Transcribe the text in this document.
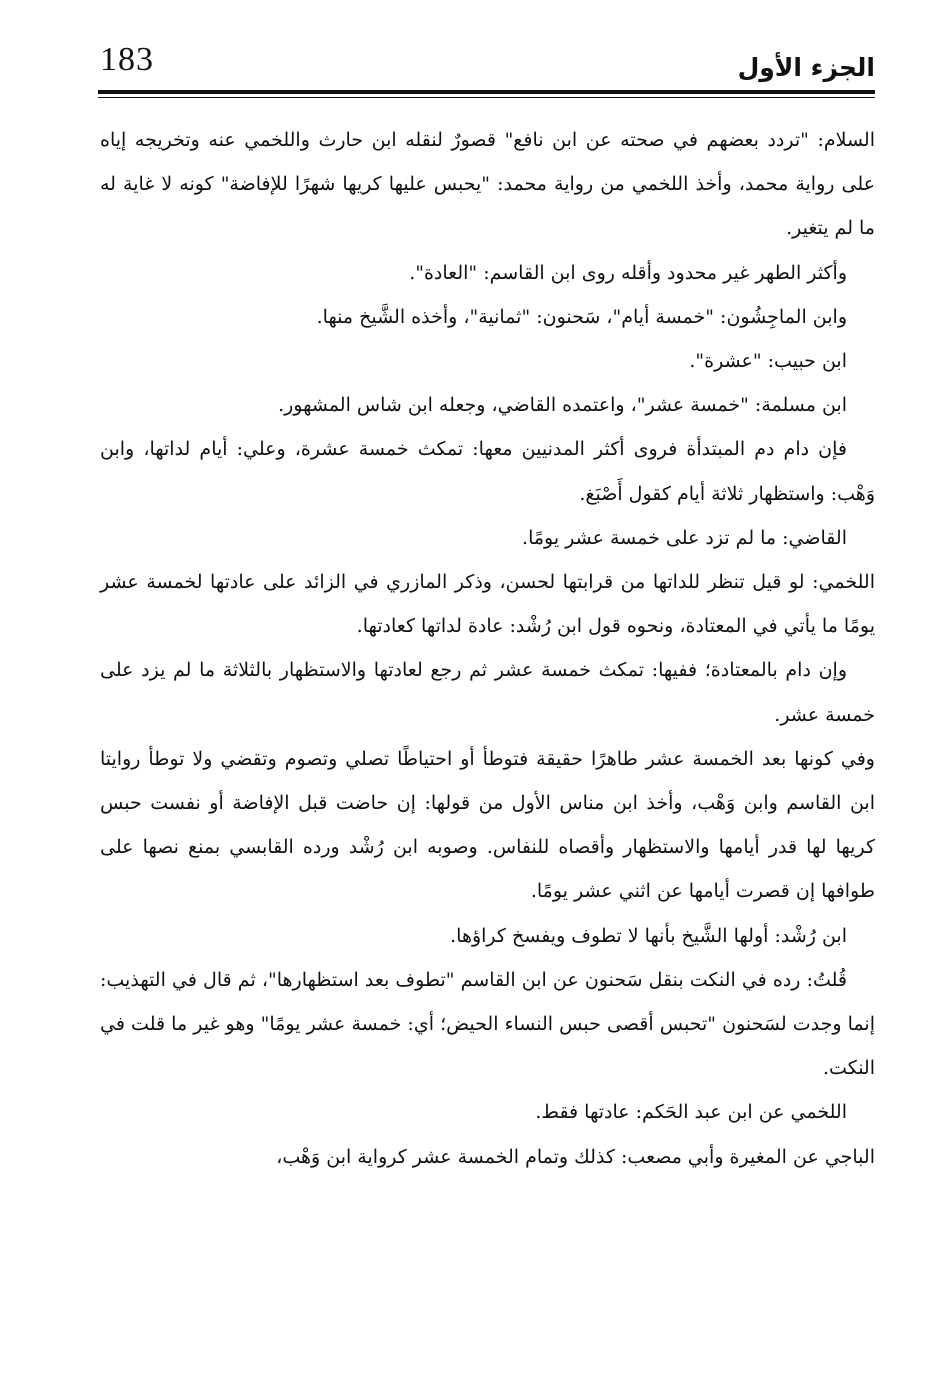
183	الجزء الأول

السلام: "تردد بعضهم في صحته عن ابن نافع" قصورٌ لنقله ابن حارث واللخمي عنه وتخريجه إياه على رواية محمد، وأخذ اللخمي من رواية محمد: "يحبس عليها كريها شهرًا للإفاضة" كونه لا غاية له ما لم يتغير.

وأكثر الطهر غير محدود وأقله روى ابن القاسم: "العادة".

وابن الماجِشُون: "خمسة أيام"، سَحنون: "ثمانية"، وأخذه الشَّيخ منها.

ابن حبيب: "عشرة".

ابن مسلمة: "خمسة عشر"، واعتمده القاضي، وجعله ابن شاس المشهور.

فإن دام دم المبتدأة فروى أكثر المدنيين معها: تمكث خمسة عشرة، وعلي: أيام لداتها، وابن وَهْب: واستظهار ثلاثة أيام كقول أَصْبَغ.

القاضي: ما لم تزد على خمسة عشر يومًا.

اللخمي: لو قيل تنظر للداتها من قرابتها لحسن، وذكر المازري في الزائد على عادتها لخمسة عشر يومًا ما يأتي في المعتادة، ونحوه قول ابن رُشْد: عادة لداتها كعادتها.

وإن دام بالمعتادة؛ ففيها: تمكث خمسة عشر ثم رجع لعادتها والاستظهار بالثلاثة ما لم يزد على خمسة عشر.

وفي كونها بعد الخمسة عشر طاهرًا حقيقة فتوطأ أو احتياطًا تصلي وتصوم وتقضي ولا توطأ روايتا ابن القاسم وابن وَهْب، وأخذ ابن مناس الأول من قولها: إن حاضت قبل الإفاضة أو نفست حبس كريها لها قدر أيامها والاستظهار وأقصاه للنفاس. وصوبه ابن رُشْد ورده القابسي بمنع نصها على طوافها إن قصرت أيامها عن اثني عشر يومًا.

ابن رُشْد: أولها الشَّيخ بأنها لا تطوف ويفسخ كراؤها.

قُلتُ: رده في النكت بنقل سَحنون عن ابن القاسم "تطوف بعد استظهارها"، ثم قال في التهذيب: إنما وجدت لسَحنون "تحبس أقصى حبس النساء الحيض؛ أي: خمسة عشر يومًا" وهو غير ما قلت في النكت.

اللخمي عن ابن عبد الحَكم: عادتها فقط.

الباجي عن المغيرة وأبي مصعب: كذلك وتمام الخمسة عشر كرواية ابن وَهْب،
